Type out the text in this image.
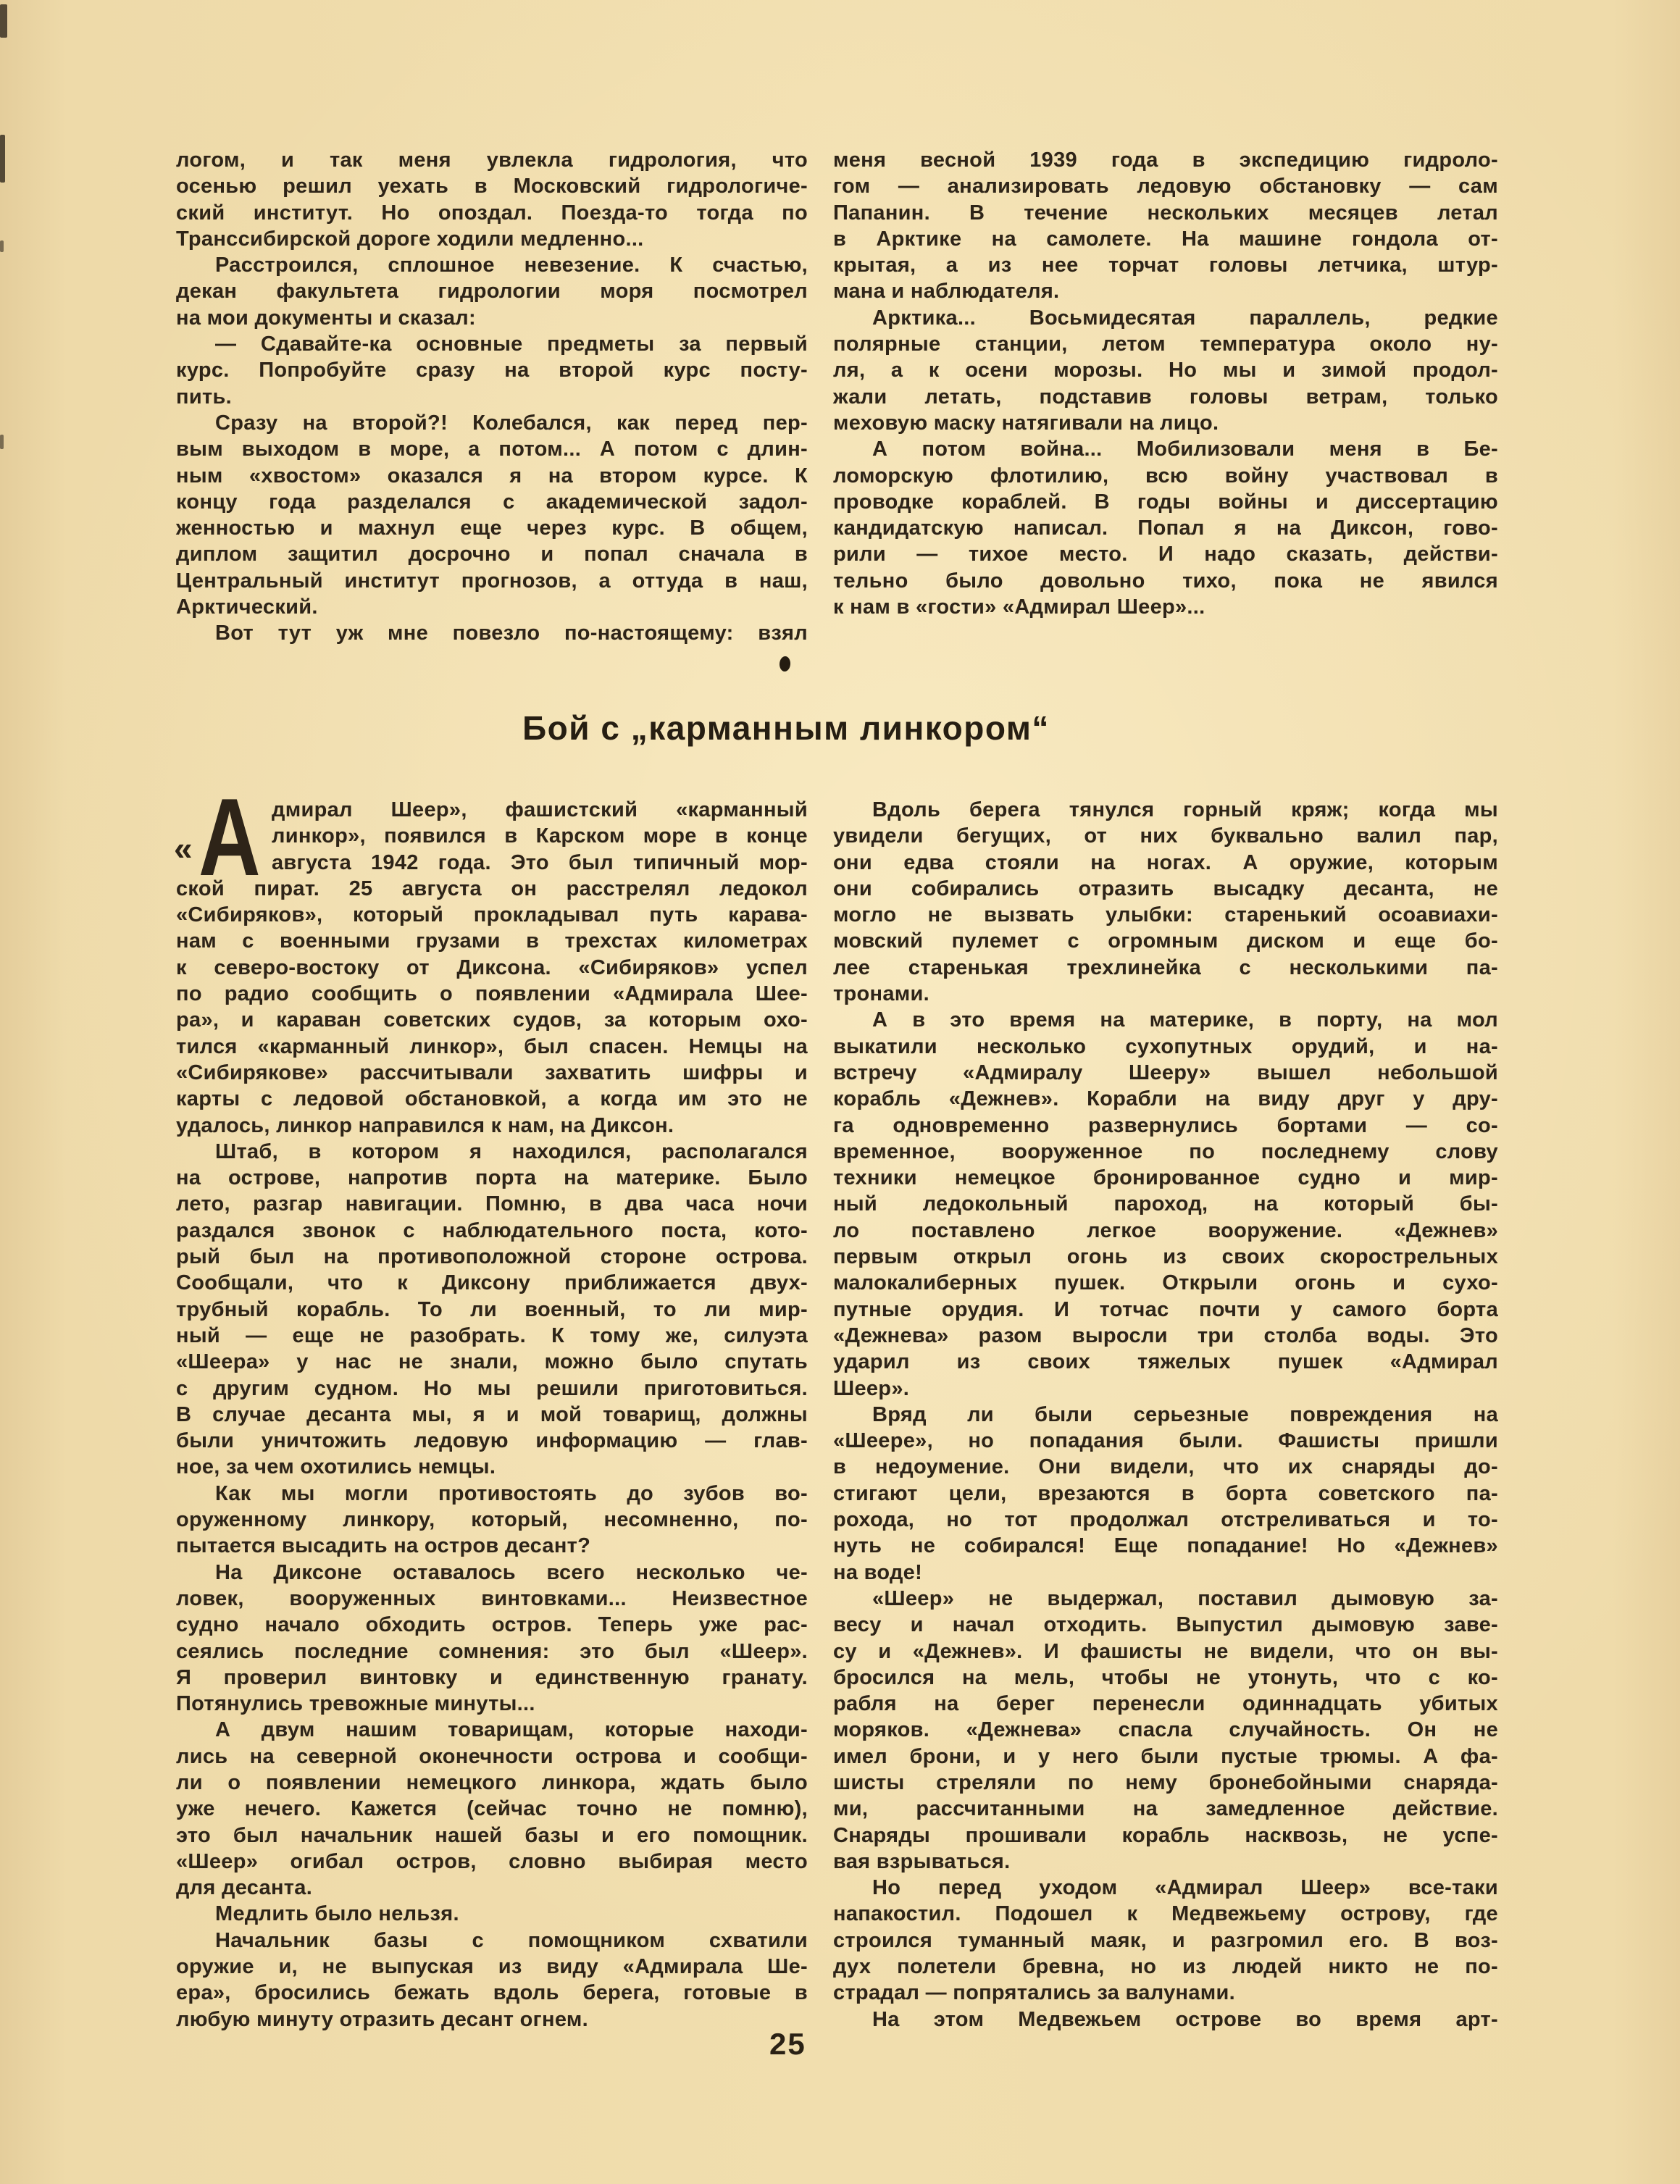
логом, и так меня увлекла гидрология, что
осенью решил уехать в Московский гидрологиче-
ский институт. Но опоздал. Поезда-то тогда по
Транссибирской дороге ходили медленно...
Расстроился, сплошное невезение. К счастью,
декан факультета гидрологии моря посмотрел
на мои документы и сказал:
— Сдавайте-ка основные предметы за первый
курс. Попробуйте сразу на второй курс посту-
пить.
Сразу на второй?! Колебался, как перед пер-
вым выходом в море, а потом... А потом с длин-
ным «хвостом» оказался я на втором курсе. К
концу года разделался с академической задол-
женностью и махнул еще через курс. В общем,
диплом защитил досрочно и попал сначала в
Центральный институт прогнозов, а оттуда в наш,
Арктический.
Вот тут уж мне повезло по-настоящему: взял
меня весной 1939 года в экспедицию гидроло-
гом — анализировать ледовую обстановку — сам
Папанин. В течение нескольких месяцев летал
в Арктике на самолете. На машине гондола от-
крытая, а из нее торчат головы летчика, штур-
мана и наблюдателя.
Арктика... Восьмидесятая параллель, редкие
полярные станции, летом температура около ну-
ля, а к осени морозы. Но мы и зимой продол-
жали летать, подставив головы ветрам, только
меховую маску натягивали на лицо.
А потом война... Мобилизовали меня в Бе-
ломорскую флотилию, всю войну участвовал в
проводке кораблей. В годы войны и диссертацию
кандидатскую написал. Попал я на Диксон, гово-
рили — тихое место. И надо сказать, действи-
тельно было довольно тихо, пока не явился
к нам в «гости» «Адмирал Шеер»...
Бой с „карманным линкором“
« А дмирал Шеер», фашистский «карманный
линкор», появился в Карском море в конце
августа 1942 года. Это был типичный мор-
ской пират. 25 августа он расстрелял ледокол
«Сибиряков», который прокладывал путь карава-
нам с военными грузами в трехстах километрах
к северо-востоку от Диксона. «Сибиряков» успел
по радио сообщить о появлении «Адмирала Шее-
ра», и караван советских судов, за которым охо-
тился «карманный линкор», был спасен. Немцы на
«Сибирякове» рассчитывали захватить шифры и
карты с ледовой обстановкой, а когда им это не
удалось, линкор направился к нам, на Диксон.
Штаб, в котором я находился, располагался
на острове, напротив порта на материке. Было
лето, разгар навигации. Помню, в два часа ночи
раздался звонок с наблюдательного поста, кото-
рый был на противоположной стороне острова.
Сообщали, что к Диксону приближается двух-
трубный корабль. То ли военный, то ли мир-
ный — еще не разобрать. К тому же, силуэта
«Шеера» у нас не знали, можно было спутать
с другим судном. Но мы решили приготовиться.
В случае десанта мы, я и мой товарищ, должны
были уничтожить ледовую информацию — глав-
ное, за чем охотились немцы.
Как мы могли противостоять до зубов во-
оруженному линкору, который, несомненно, по-
пытается высадить на остров десант?
На Диксоне оставалось всего несколько че-
ловек, вооруженных винтовками... Неизвестное
судно начало обходить остров. Теперь уже рас-
сеялись последние сомнения: это был «Шеер».
Я проверил винтовку и единственную гранату.
Потянулись тревожные минуты...
А двум нашим товарищам, которые находи-
лись на северной оконечности острова и сообщи-
ли о появлении немецкого линкора, ждать было
уже нечего. Кажется (сейчас точно не помню),
это был начальник нашей базы и его помощник.
«Шеер» огибал остров, словно выбирая место
для десанта.
Медлить было нельзя.
Начальник базы с помощником схватили
оружие и, не выпуская из виду «Адмирала Ше-
ера», бросились бежать вдоль берега, готовые в
любую минуту отразить десант огнем.
Вдоль берега тянулся горный кряж; когда мы
увидели бегущих, от них буквально валил пар,
они едва стояли на ногах. А оружие, которым
они собирались отразить высадку десанта, не
могло не вызвать улыбки: старенький осоавиахи-
мовский пулемет с огромным диском и еще бо-
лее старенькая трехлинейка с несколькими па-
тронами.
А в это время на материке, в порту, на мол
выкатили несколько сухопутных орудий, и на-
встречу «Адмиралу Шееру» вышел небольшой
корабль «Дежнев». Корабли на виду друг у дру-
га одновременно развернулись бортами — со-
временное, вооруженное по последнему слову
техники немецкое бронированное судно и мир-
ный ледокольный пароход, на который бы-
ло поставлено легкое вооружение. «Дежнев»
первым открыл огонь из своих скорострельных
малокалиберных пушек. Открыли огонь и сухо-
путные орудия. И тотчас почти у самого борта
«Дежнева» разом выросли три столба воды. Это
ударил из своих тяжелых пушек «Адмирал
Шеер».
Вряд ли были серьезные повреждения на
«Шеере», но попадания были. Фашисты пришли
в недоумение. Они видели, что их снаряды до-
стигают цели, врезаются в борта советского па-
рохода, но тот продолжал отстреливаться и то-
нуть не собирался! Еще попадание! Но «Дежнев»
на воде!
«Шеер» не выдержал, поставил дымовую за-
весу и начал отходить. Выпустил дымовую заве-
су и «Дежнев». И фашисты не видели, что он вы-
бросился на мель, чтобы не утонуть, что с ко-
рабля на берег перенесли одиннадцать убитых
моряков. «Дежнева» спасла случайность. Он не
имел брони, и у него были пустые трюмы. А фа-
шисты стреляли по нему бронебойными снаряда-
ми, рассчитанными на замедленное действие.
Снаряды прошивали корабль насквозь, не успе-
вая взрываться.
Но перед уходом «Адмирал Шеер» все-таки
напакостил. Подошел к Медвежьему острову, где
строился туманный маяк, и разгромил его. В воз-
дух полетели бревна, но из людей никто не по-
страдал — попрятались за валунами.
На этом Медвежьем острове во время арт-
25
